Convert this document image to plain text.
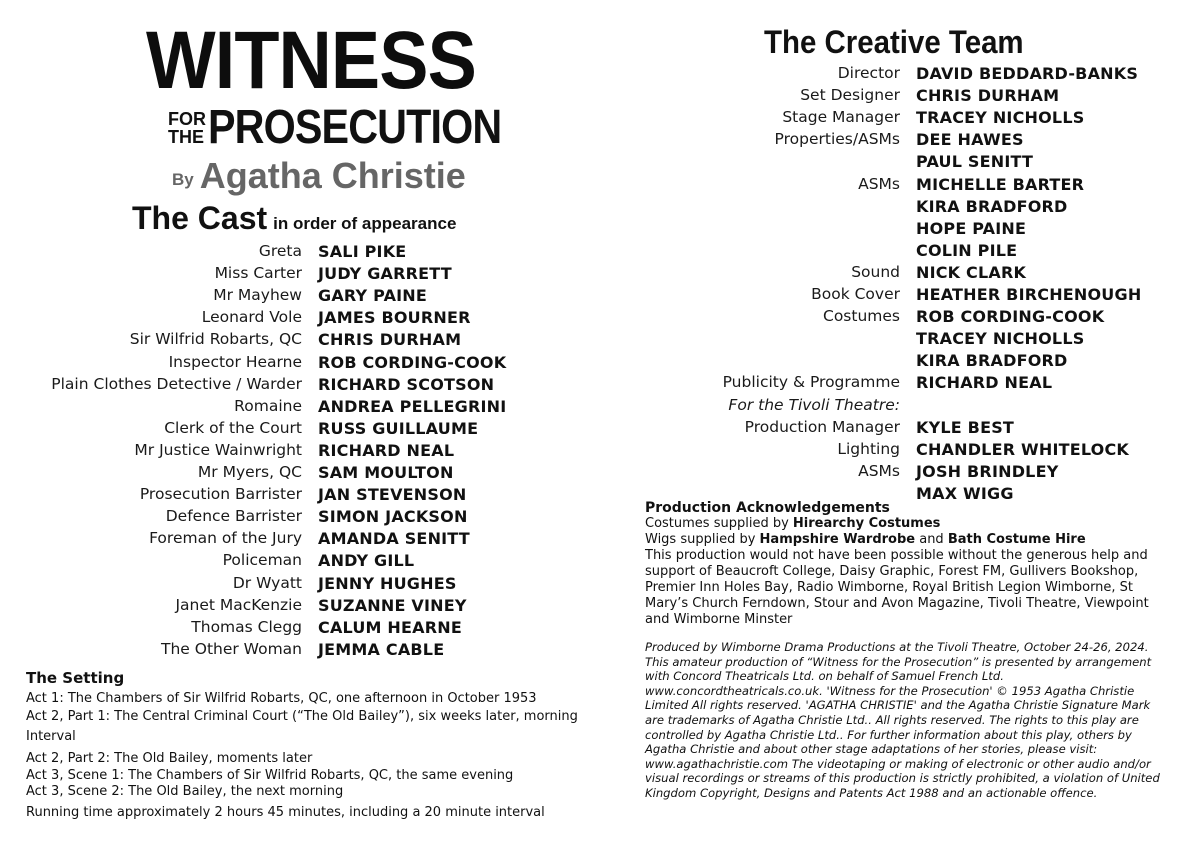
WITNESS
FOR
THE PROSECUTION
By Agatha Christie
The Cast in order of appearance
Greta SALI PIKE
Miss Carter JUDY GARRETT
Mr Mayhew GARY PAINE
Leonard Vole JAMES BOURNER
Sir Wilfrid Robarts, QC CHRIS DURHAM
Inspector Hearne ROB CORDING-COOK
Plain Clothes Detective / Warder RICHARD SCOTSON
Romaine ANDREA PELLEGRINI
Clerk of the Court RUSS GUILLAUME
Mr Justice Wainwright RICHARD NEAL
Mr Myers, QC SAM MOULTON
Prosecution Barrister JAN STEVENSON
Defence Barrister SIMON JACKSON
Foreman of the Jury AMANDA SENITT
Policeman ANDY GILL
Dr Wyatt JENNY HUGHES
Janet MacKenzie SUZANNE VINEY
Thomas Clegg CALUM HEARNE
The Other Woman JEMMA CABLE
The Setting

Act 1: The Chambers of Sir Wilfrid Robarts, QC, one afternoon in October 1953

Act 2, Part 1: The Central Criminal Court (“The Old Bailey”), six weeks later, morning Interval

Act 2, Part 2: The Old Bailey, moments later

Act 3, Scene 1: The Chambers of Sir Wilfrid Robarts, QC, the same evening

Act 3, Scene 2: The Old Bailey, the next morning

Running time approximately 2 hours 45 minutes, including a 20 minute interval

The Creative Team
Director DAVID BEDDARD-BANKS
Set Designer CHRIS DURHAM
Stage Manager TRACEY NICHOLLS
Properties/ASMs DEE HAWES
PAUL SENITT
ASMs MICHELLE BARTER
KIRA BRADFORD
HOPE PAINE
COLIN PILE
Sound NICK CLARK
Book Cover HEATHER BIRCHENOUGH
Costumes ROB CORDING-COOK
TRACEY NICHOLLS
KIRA BRADFORD
Publicity & Programme RICHARD NEAL
For the Tivoli Theatre:
Production Manager KYLE BEST
Lighting CHANDLER WHITELOCK
ASMs JOSH BRINDLEY
MAX WIGG
Production Acknowledgements

Costumes supplied by Hirearchy Costumes

Wigs supplied by Hampshire Wardrobe and Bath Costume Hire

This production would not have been possible without the generous help and support of Beaucroft College, Daisy Graphic, Forest FM, Gullivers Bookshop, Premier Inn Holes Bay, Radio Wimborne, Royal British Legion Wimborne, St Mary’s Church Ferndown, Stour and Avon Magazine, Tivoli Theatre, Viewpoint and Wimborne Minster

Produced by Wimborne Drama Productions at the Tivoli Theatre, October 24-26, 2024. This amateur production of “Witness for the Prosecution” is presented by arrangement with Concord Theatricals Ltd. on behalf of Samuel French Ltd. www.concordtheatricals.co.uk. 'Witness for the Prosecution' © 1953 Agatha Christie Limited All rights reserved. 'AGATHA CHRISTIE' and the Agatha Christie Signature Mark are trademarks of Agatha Christie Ltd.. All rights reserved. The rights to this play are controlled by Agatha Christie Ltd.. For further information about this play, others by Agatha Christie and about other stage adaptations of her stories, please visit: www.agathachristie.com The videotaping or making of electronic or other audio and/or visual recordings or streams of this production is strictly prohibited, a violation of United Kingdom Copyright, Designs and Patents Act 1988 and an actionable offence.
